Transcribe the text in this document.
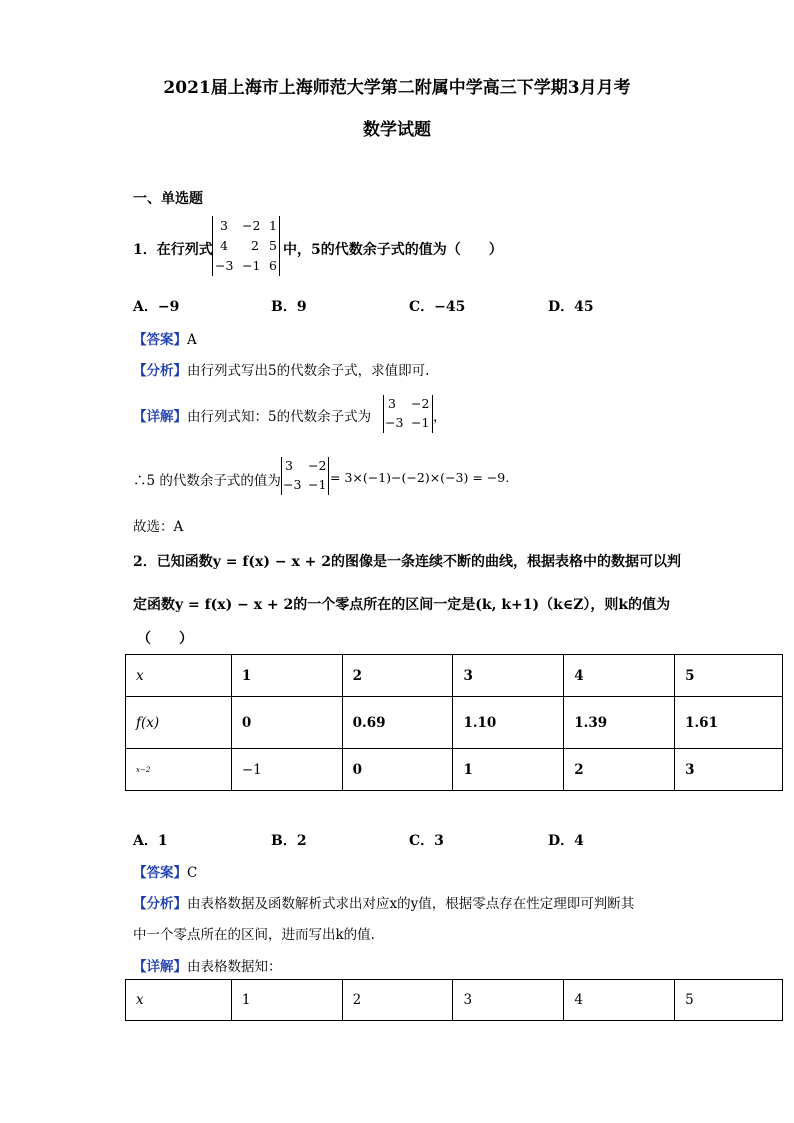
2021届上海市上海师范大学第二附属中学高三下学期3月月考
数学试题
一、单选题
1．在行列式
3 −2 1
4 2 5
−3 −1 6
中，5的代数余子式的值为（　　）
A．−9	B．9	C．−45	D．45
【答案】A
【分析】由行列式写出5的代数余子式，求值即可.
【详解】由行列式知：5的代数余子式为
3 −2
−3 −1 ，
∴5 的代数余子式的值为
3 −2
−3 −1 = 3×(−1)−(−2)×(−3) = −9.
故选：A
2．已知函数y = f(x) − x + 2的图像是一条连续不断的曲线，根据表格中的数据可以判
定函数y = f(x) − x + 2的一个零点所在的区间一定是(k, k+1)（k∈Z），则k的值为
（　　）
x	1	2	3	4	5
f(x)	0	0.69	1.10	1.39	1.61
x−2	−1	0	1	2	3
A．1	B．2	C．3	D．4
【答案】C
【分析】由表格数据及函数解析式求出对应x的y值，根据零点存在性定理即可判断其
中一个零点所在的区间，进而写出k的值.
【详解】由表格数据知：
x	1	2	3	4	5
